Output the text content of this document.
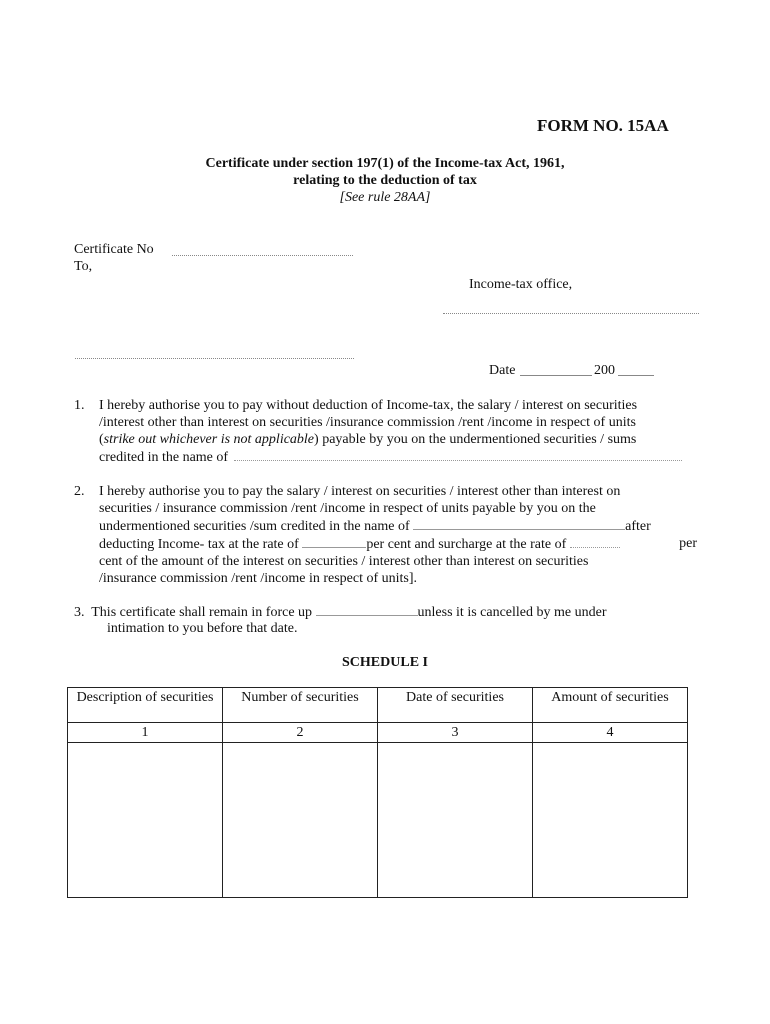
FORM NO. 15AA
Certificate under section 197(1) of the Income-tax Act, 1961,
relating to the deduction of tax
[See rule 28AA]
Certificate No
To,
Income-tax office,
Date	200
1. I hereby authorise you to pay without deduction of Income-tax, the salary / interest on securities
/interest other than interest on securities /insurance commission /rent /income in respect of units
(strike out whichever is not applicable) payable by you on the undermentioned securities / sums
credited in the name of
2. I hereby authorise you to pay the salary / interest on securities / interest other than interest on
securities / insurance commission /rent /income in respect of units payable by you on the
undermentioned securities /sum credited in the name of	after
deducting Income- tax at the rate of	per cent and surcharge at the rate of	per
cent of the amount of the interest on securities / interest other than interest on securities
/insurance commission /rent /income in respect of units].
3. This certificate shall remain in force up	unless it is cancelled by me under
intimation to you before that date.
SCHEDULE I
Description of securities	Number of securities	Date of securities	Amount of securities
1	2	3	4
